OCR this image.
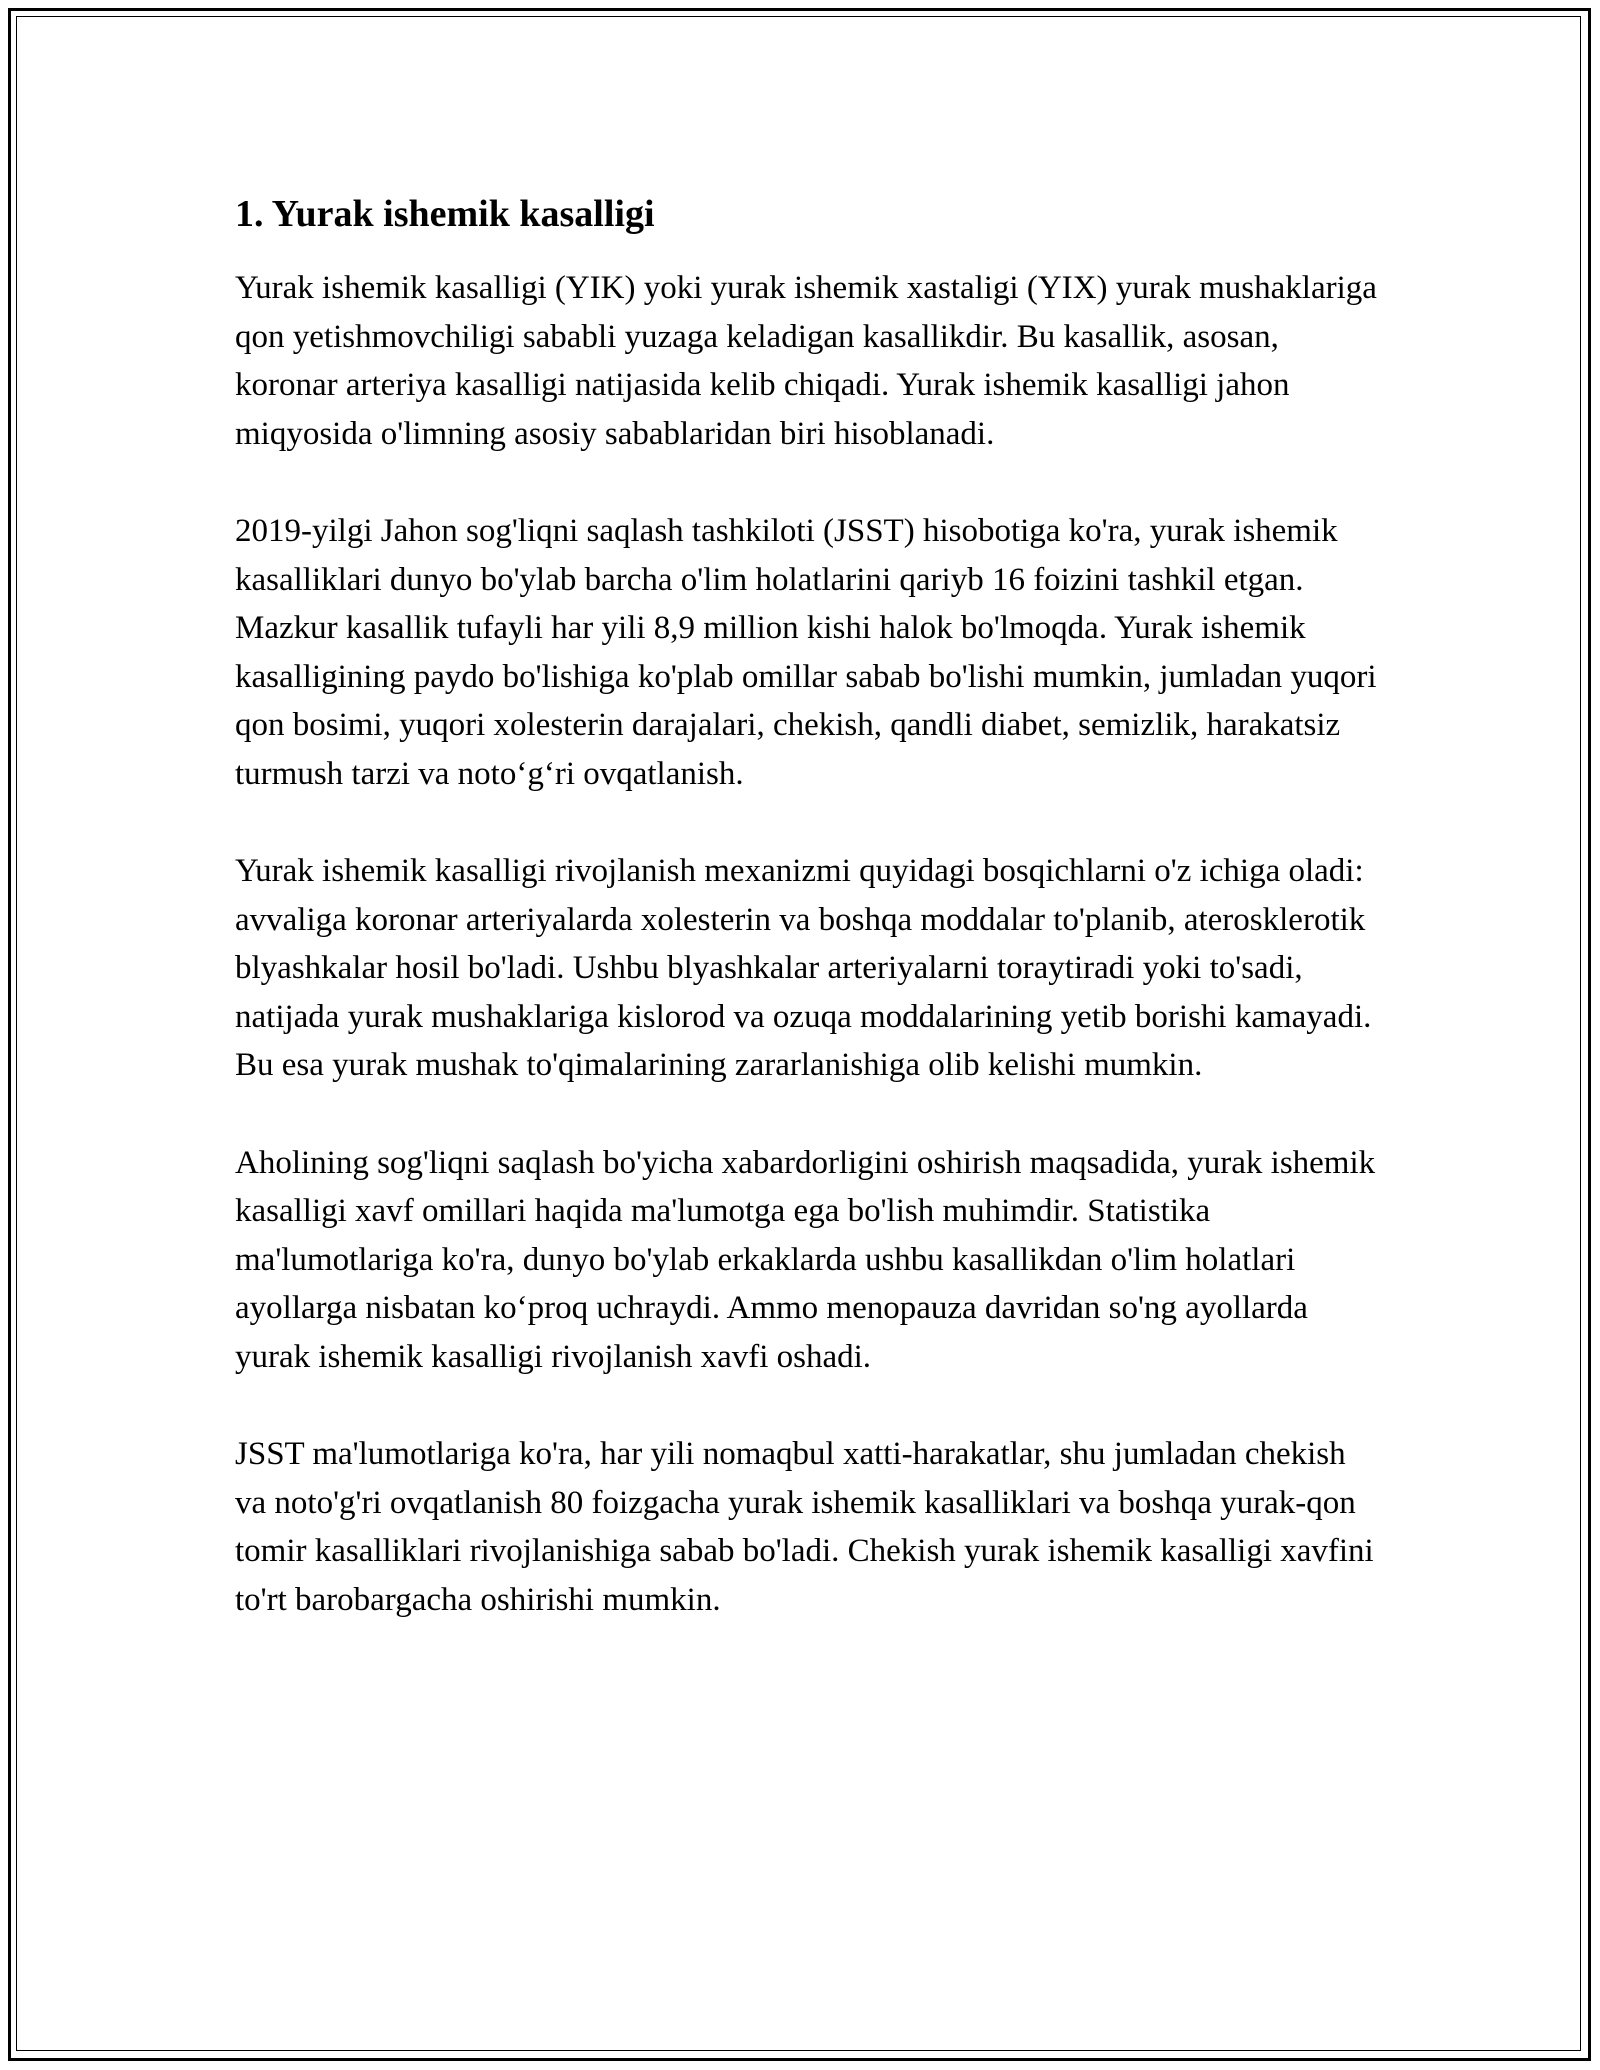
1. Yurak ishemik kasalligi

Yurak ishemik kasalligi (YIK) yoki yurak ishemik xastaligi (YIX) yurak mushaklariga qon yetishmovchiligi sababli yuzaga keladigan kasallikdir. Bu kasallik, asosan, koronar arteriya kasalligi natijasida kelib chiqadi. Yurak ishemik kasalligi jahon miqyosida o'limning asosiy sabablaridan biri hisoblanadi.

2019-yilgi Jahon sog'liqni saqlash tashkiloti (JSST) hisobotiga ko'ra, yurak ishemik kasalliklari dunyo bo'ylab barcha o'lim holatlarini qariyb 16 foizini tashkil etgan. Mazkur kasallik tufayli har yili 8,9 million kishi halok bo'lmoqda. Yurak ishemik kasalligining paydo bo'lishiga ko'plab omillar sabab bo'lishi mumkin, jumladan yuqori qon bosimi, yuqori xolesterin darajalari, chekish, qandli diabet, semizlik, harakatsiz turmush tarzi va noto‘g‘ri ovqatlanish.

Yurak ishemik kasalligi rivojlanish mexanizmi quyidagi bosqichlarni o'z ichiga oladi: avvaliga koronar arteriyalarda xolesterin va boshqa moddalar to'planib, aterosklerotik blyashkalar hosil bo'ladi. Ushbu blyashkalar arteriyalarni toraytiradi yoki to'sadi, natijada yurak mushaklariga kislorod va ozuqa moddalarining yetib borishi kamayadi. Bu esa yurak mushak to'qimalarining zararlanishiga olib kelishi mumkin.

Aholining sog'liqni saqlash bo'yicha xabardorligini oshirish maqsadida, yurak ishemik kasalligi xavf omillari haqida ma'lumotga ega bo'lish muhimdir. Statistika ma'lumotlariga ko'ra, dunyo bo'ylab erkaklarda ushbu kasallikdan o'lim holatlari ayollarga nisbatan ko‘proq uchraydi. Ammo menopauza davridan so'ng ayollarda yurak ishemik kasalligi rivojlanish xavfi oshadi.

JSST ma'lumotlariga ko'ra, har yili nomaqbul xatti-harakatlar, shu jumladan chekish va noto'g'ri ovqatlanish 80 foizgacha yurak ishemik kasalliklari va boshqa yurak-qon tomir kasalliklari rivojlanishiga sabab bo'ladi. Chekish yurak ishemik kasalligi xavfini to'rt barobargacha oshirishi mumkin.
